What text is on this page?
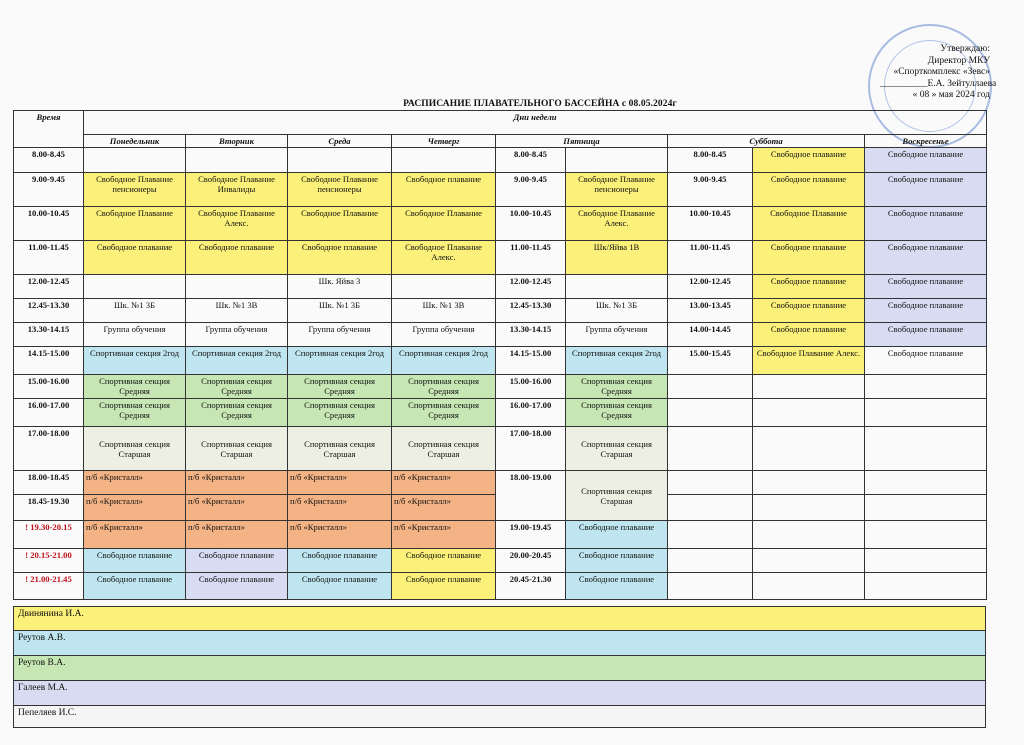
Утверждаю:
Директор МКУ
«Спорткомплекс «Зевс»
__________Е.А. Зейтуллаева
« 08 » мая 2024 год
РАСПИСАНИЕ ПЛАВАТЕЛЬНОГО БАССЕЙНА с 08.05.2024г
Время	Дни недели								
	Понедельник	Вторник	Среда	Четверг	Пятница		Суббота		Воскресенье
8.00-8.45					8.00-8.45		8.00-8.45	Свободное плавание	Свободное плавание
9.00-9.45	Свободное Плавание пенсионеры	Свободное Плавание Инвалиды	Свободное Плавание пенсионеры	Свободное плавание	9.00-9.45	Свободное Плавание пенсионеры	9.00-9.45	Свободное плавание	Свободное плавание
10.00-10.45	Свободное Плавание	Свободное Плавание Алекс.	Свободное Плавание	Свободное Плавание	10.00-10.45	Свободное Плавание Алекс.	10.00-10.45	Свободное Плавание	Свободное плавание
11.00-11.45	Свободное плавание	Свободное плавание	Свободное плавание	Свободное Плавание Алекс.	11.00-11.45	Шк/Яйва 1В	11.00-11.45	Свободное плавание	Свободное плавание
12.00-12.45			Шк. Яйва 3		12.00-12.45		12.00-12.45	Свободное плавание	Свободное плавание
12.45-13.30	Шк. №1 3Б	Шк. №1 3В	Шк. №1 3Б	Шк. №1 3В	12.45-13.30	Шк. №1 3Б	13.00-13.45	Свободное плавание	Свободное плавание
13.30-14.15	Группа обучения	Группа обучения	Группа обучения	Группа обучения	13.30-14.15	Группа обучения	14.00-14.45	Свободное плавание	Свободное плавание
14.15-15.00	Спортивная секция 2год	Спортивная секция 2год	Спортивная секция 2год	Спортивная секция 2год	14.15-15.00	Спортивная секция 2год	15.00-15.45	Свободное Плавание Алекс.	Свободное плавание
15.00-16.00	Спортивная секция Средняя	Спортивная секция Средняя	Спортивная секция Средняя	Спортивная секция Средняя	15.00-16.00	Спортивная секция Средняя			
16.00-17.00	Спортивная секция Средняя	Спортивная секция Средняя	Спортивная секция Средняя	Спортивная секция Средняя	16.00-17.00	Спортивная секция Средняя			
17.00-18.00	Спортивная секция Старшая	Спортивная секция Старшая	Спортивная секция Старшая	Спортивная секция Старшая	17.00-18.00	Спортивная секция Старшая			
18.00-18.45	п/б «Кристалл»	п/б «Кристалл»	п/б «Кристалл»	п/б «Кристалл»	18.00-19.00	Спортивная секция Старшая			
18.45-19.30	п/б «Кристалл»	п/б «Кристалл»	п/б «Кристалл»	п/б «Кристалл»					
! 19.30-20.15	п/б «Кристалл»	п/б «Кристалл»	п/б «Кристалл»	п/б «Кристалл»	19.00-19.45	Свободное плавание			
! 20.15-21.00	Свободное плавание	Свободное плавание	Свободное плавание	Свободное плавание	20.00-20.45	Свободное плавание			
! 21.00-21.45	Свободное плавание	Свободное плавание	Свободное плавание	Свободное плавание	20.45-21.30	Свободное плавание			
Двинянина И.А.
Реутов А.В.
Реутов В.А.
Галеев М.А.
Пепеляев И.С.
